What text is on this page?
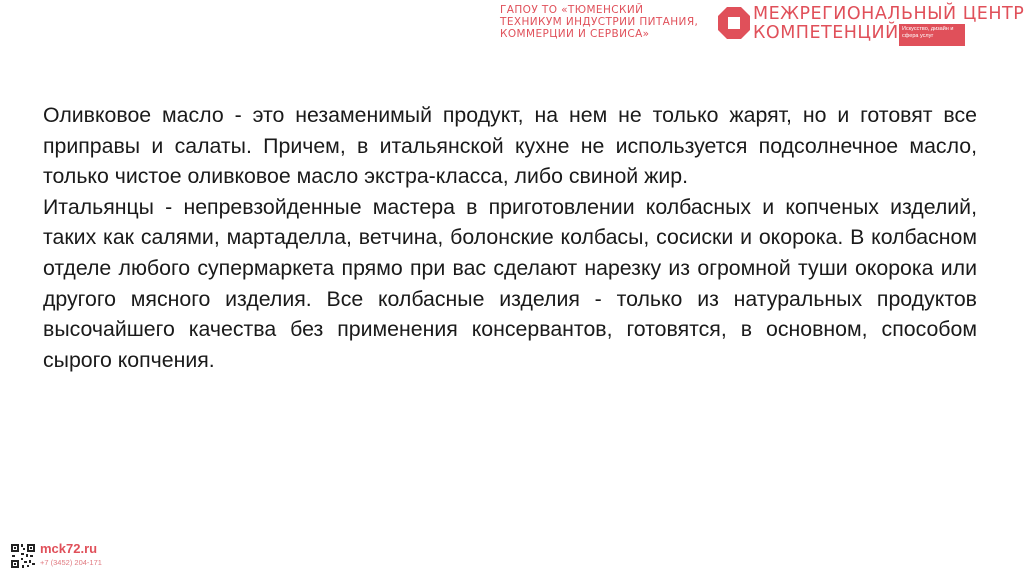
ГАПОУ ТО «ТЮМЕНСКИЙ
ТЕХНИКУМ ИНДУСТРИИ ПИТАНИЯ,
КОММЕРЦИИ И СЕРВИСА»
МЕЖРЕГИОНАЛЬНЫЙ ЦЕНТР
КОМПЕТЕНЦИЙ Искусство, дизайн и сфера услуг

Оливковое масло - это незаменимый продукт, на нем не только жарят, но и готовят все приправы и салаты. Причем, в итальянской кухне не используется подсолнечное масло, только чистое оливковое масло экстра-класса, либо свиной жир.

Итальянцы - непревзойденные мастера в приготовлении колбасных и копченых изделий, таких как салями, мартаделла, ветчина, болонские колбасы, сосиски и окорока. В колбасном отделе любого супермаркета прямо при вас сделают нарезку из огромной туши окорока или другого мясного изделия. Все колбасные изделия - только из натуральных продуктов высочайшего качества без применения консервантов, готовятся, в основном, способом сырого копчения.

mck72.ru
+7 (3452) 204-171
